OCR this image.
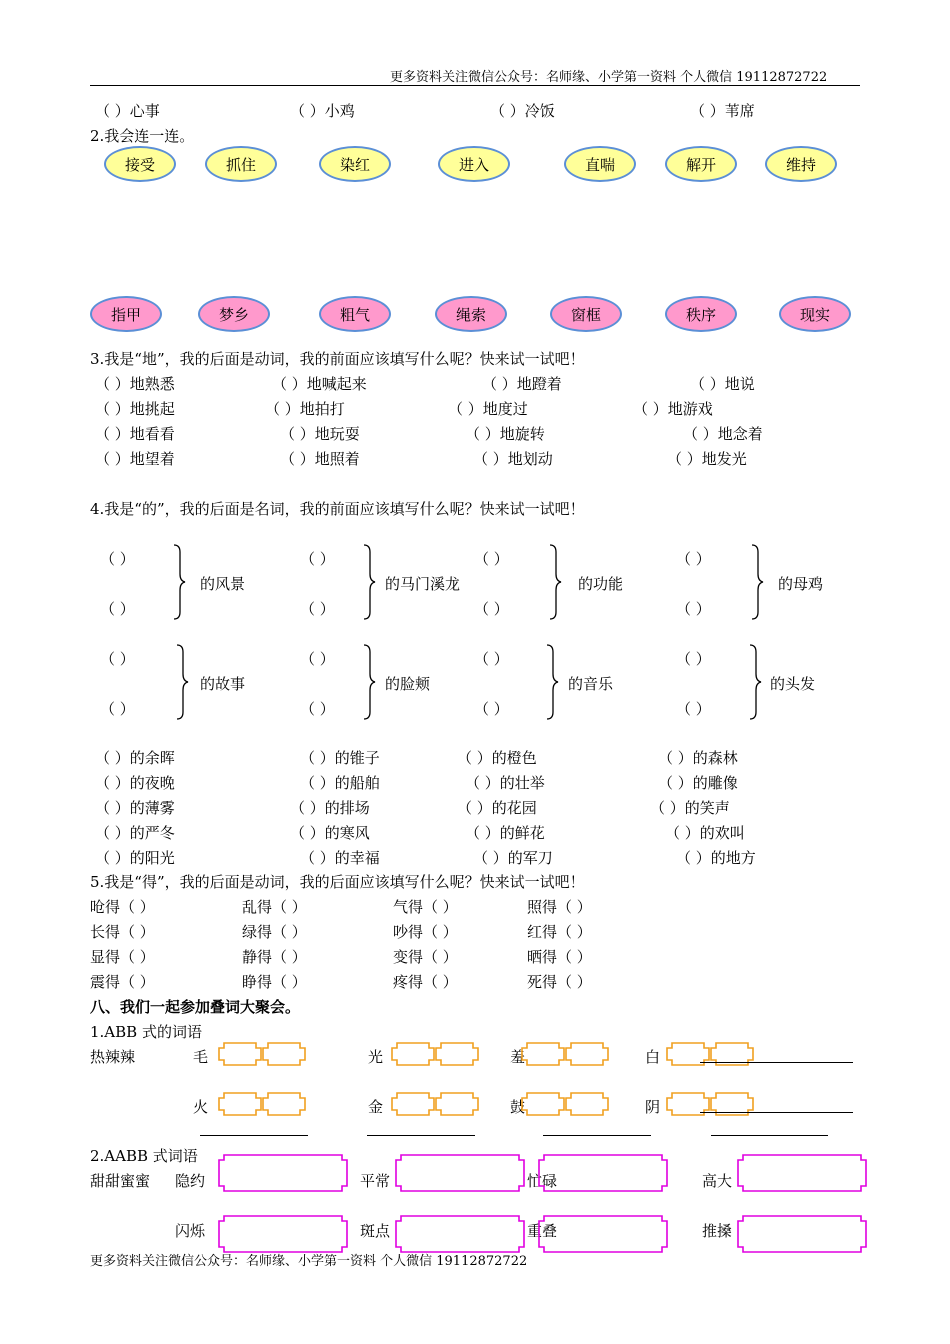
更多资料关注微信公众号：名师缘、小学第一资料 个人微信 19112872722
（ ）心事	（ ）小鸡	（ ）冷饭	（ ）苇席
2.我会连一连。
接受	抓住	染红	进入	直喘	解开	维持
指甲	梦乡	粗气	绳索	窗框	秩序	现实
3.我是“地”，我的后面是动词，我的前面应该填写什么呢？快来试一试吧！
（ ）地熟悉	（ ）地喊起来	（ ）地蹬着	（ ）地说
（ ）地挑起	（ ）地拍打	（ ）地度过	（ ）地游戏
（ ）地看看	（ ）地玩耍	（ ）地旋转	（ ）地念着
（ ）地望着	（ ）地照着	（ ）地划动	（ ）地发光
4.我是“的”，我的后面是名词，我的前面应该填写什么呢？快来试一试吧！
（ ）
（ ）
的风景
（ ）
（ ）
的马门溪龙
（ ）
（ ）
的功能
（ ）
（ ）
的母鸡
（ ）
（ ）
的故事
（ ）
（ ）
的脸颊
（ ）
（ ）
的音乐
（ ）
（ ）
的头发
（ ）的余晖	（ ）的锥子	（ ）的橙色	（ ）的森林
（ ）的夜晚	（ ）的船舶	（ ）的壮举	（ ）的雕像
（ ）的薄雾	（ ）的排场	（ ）的花园	（ ）的笑声
（ ）的严冬	（ ）的寒风	（ ）的鲜花	（ ）的欢叫
（ ）的阳光	（ ）的幸福	（ ）的军刀	（ ）的地方
5.我是“得”，我的后面是动词，我的后面应该填写什么呢？快来试一试吧！
呛得（ ）	乱得（ ）	气得（ ）	照得（ ）
长得（ ）	绿得（ ）	吵得（ ）	红得（ ）
显得（ ）	静得（ ）	变得（ ）	晒得（ ）
震得（ ）	睁得（ ）	疼得（ ）	死得（ ）
八、我们一起参加叠词大聚会。
1.ABB 式的词语
热辣辣	毛	光	羞	白
火	金	鼓	阴
2.AABB 式词语
甜甜蜜蜜 隐约	平常	忙碌	高大
闪烁	斑点	重叠	推搡
更多资料关注微信公众号：名师缘、小学第一资料 个人微信 19112872722
